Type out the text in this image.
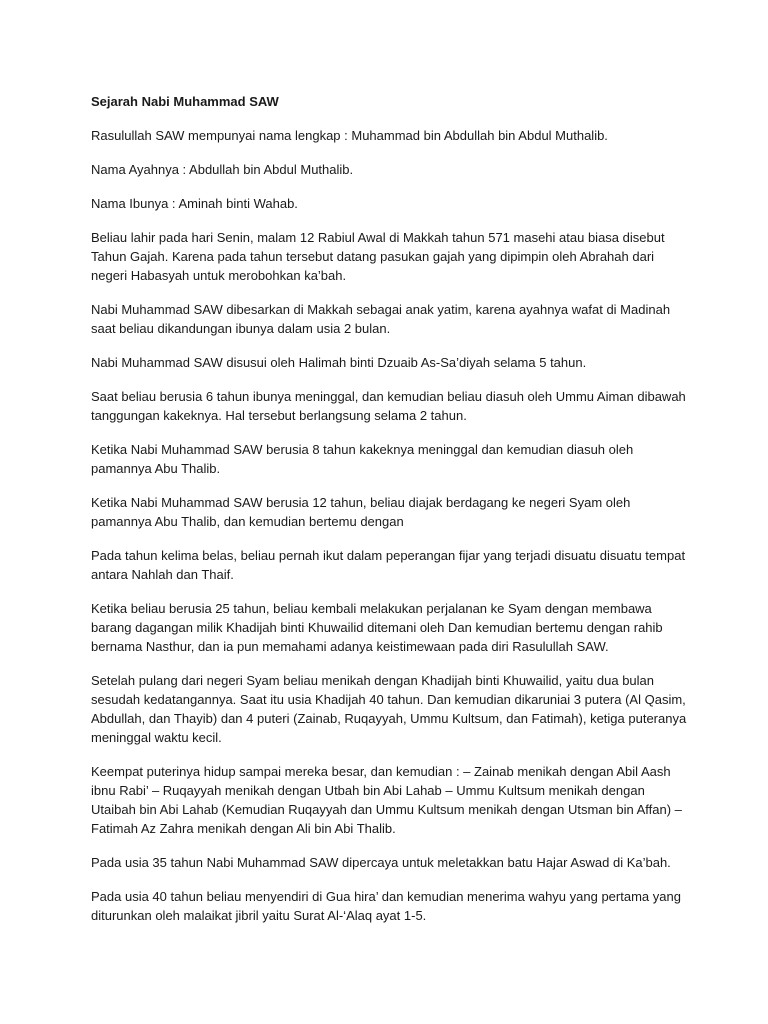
Sejarah Nabi Muhammad SAW

Rasulullah SAW mempunyai nama lengkap : Muhammad bin Abdullah bin Abdul Muthalib.

Nama Ayahnya : Abdullah bin Abdul Muthalib.

Nama Ibunya : Aminah binti Wahab.

Beliau lahir pada hari Senin, malam 12 Rabiul Awal di Makkah tahun 571 masehi atau biasa disebut Tahun Gajah. Karena pada tahun tersebut datang pasukan gajah yang dipimpin oleh Abrahah dari negeri Habasyah untuk merobohkan ka’bah.

Nabi Muhammad SAW dibesarkan di Makkah sebagai anak yatim, karena ayahnya wafat di Madinah saat beliau dikandungan ibunya dalam usia 2 bulan.

Nabi Muhammad SAW disusui oleh Halimah binti Dzuaib As-Sa’diyah selama 5 tahun.

Saat beliau berusia 6 tahun ibunya meninggal, dan kemudian beliau diasuh oleh Ummu Aiman dibawah tanggungan kakeknya. Hal tersebut berlangsung selama 2 tahun.

Ketika Nabi Muhammad SAW berusia 8 tahun kakeknya meninggal dan kemudian diasuh oleh pamannya Abu Thalib.

Ketika Nabi Muhammad SAW berusia 12 tahun, beliau diajak berdagang ke negeri Syam oleh pamannya Abu Thalib, dan kemudian bertemu dengan

Pada tahun kelima belas, beliau pernah ikut dalam peperangan fijar yang terjadi disuatu disuatu tempat antara Nahlah dan Thaif.

Ketika beliau berusia 25 tahun, beliau kembali melakukan perjalanan ke Syam dengan membawa barang dagangan milik Khadijah binti Khuwailid ditemani oleh Dan kemudian bertemu dengan rahib bernama Nasthur, dan ia pun memahami adanya keistimewaan pada diri Rasulullah SAW.

Setelah pulang dari negeri Syam beliau menikah dengan Khadijah binti Khuwailid, yaitu dua bulan sesudah kedatangannya. Saat itu usia Khadijah 40 tahun. Dan kemudian dikaruniai 3 putera (Al Qasim, Abdullah, dan Thayib) dan 4 puteri (Zainab, Ruqayyah, Ummu Kultsum, dan Fatimah), ketiga puteranya meninggal waktu kecil.

Keempat puterinya hidup sampai mereka besar, dan kemudian : – Zainab menikah dengan Abil Aash ibnu Rabi’ – Ruqayyah menikah dengan Utbah bin Abi Lahab – Ummu Kultsum menikah dengan Utaibah bin Abi Lahab (Kemudian Ruqayyah dan Ummu Kultsum menikah dengan Utsman bin Affan) – Fatimah Az Zahra menikah dengan Ali bin Abi Thalib.

Pada usia 35 tahun Nabi Muhammad SAW dipercaya untuk meletakkan batu Hajar Aswad di Ka’bah.

Pada usia 40 tahun beliau menyendiri di Gua hira’ dan kemudian menerima wahyu yang pertama yang diturunkan oleh malaikat jibril yaitu Surat Al-‘Alaq ayat 1-5.
